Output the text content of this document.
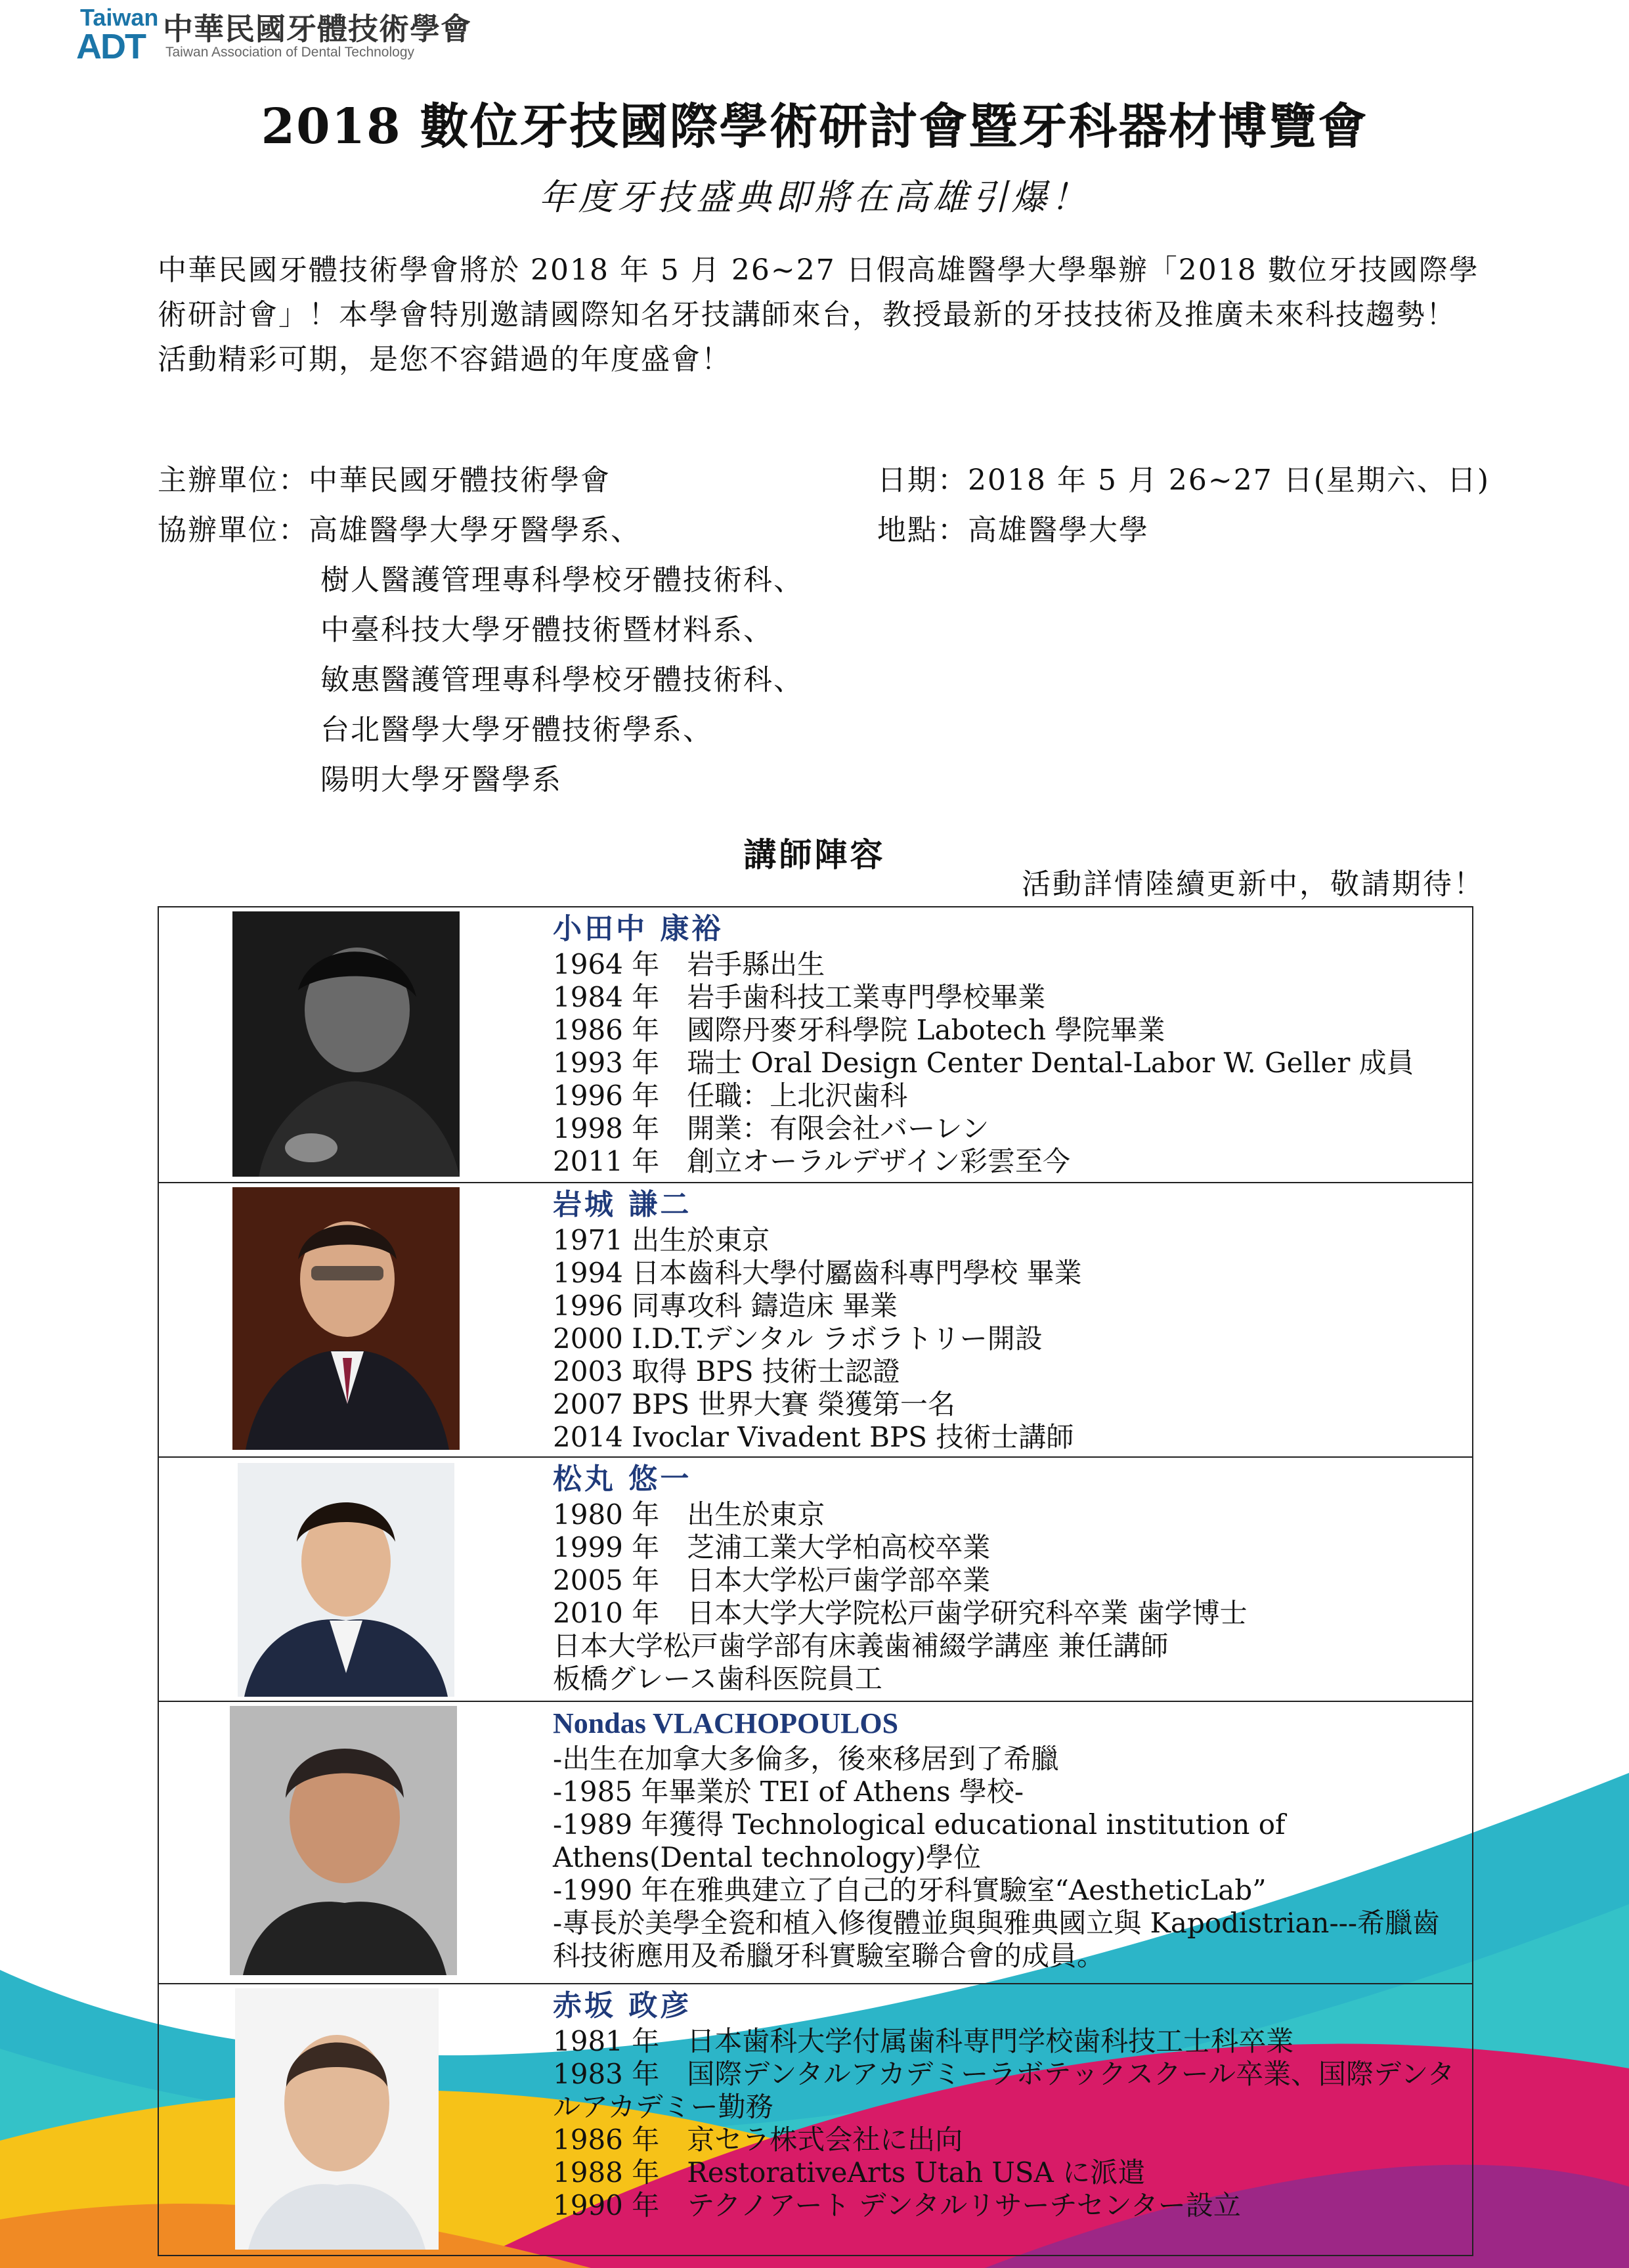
Taiwan
ADT 中華民國牙體技術學會
Taiwan Association of Dental Technology
2018 數位牙技國際學術研討會暨牙科器材博覽會
年度牙技盛典即將在高雄引爆！

中華民國牙體技術學會將於 2018 年 5 月 26~27 日假高雄醫學大學舉辦「2018 數位牙技國際學術研討會」！本學會特別邀請國際知名牙技講師來台，教授最新的牙技技術及推廣未來科技趨勢！活動精彩可期，是您不容錯過的年度盛會！

主辦單位：中華民國牙體技術學會
協辦單位：高雄醫學大學牙醫學系、
樹人醫護管理專科學校牙體技術科、
中臺科技大學牙體技術暨材料系、
敏惠醫護管理專科學校牙體技術科、
台北醫學大學牙體技術學系、
陽明大學牙醫學系
日期：2018 年 5 月 26~27 日(星期六、日)
地點：高雄醫學大學
講師陣容
活動詳情陸續更新中，敬請期待！
小田中 康裕
1964 年　岩手縣出生
1984 年　岩手歯科技工業専門學校畢業
1986 年　國際丹麥牙科學院 Labotech 學院畢業
1993 年　瑞士 Oral Design Center Dental-Labor W. Geller 成員
1996 年　任職：上北沢歯科
1998 年　開業：有限会社バーレン
2011 年　創立オーラルデザイン彩雲至今
岩城 謙二
1971 出生於東京
1994 日本齒科大學付屬齒科專門學校 畢業
1996 同專攻科 鑄造床 畢業
2000 I.D.T.デンタル ラボラトリー開設
2003 取得 BPS 技術士認證
2007 BPS 世界大賽 榮獲第一名
2014 Ivoclar Vivadent BPS 技術士講師
松丸 悠一
1980 年　出生於東京
1999 年　芝浦工業大学柏高校卒業
2005 年　日本大学松戸歯学部卒業
2010 年　日本大学大学院松戸歯学研究科卒業 歯学博士
日本大学松戸歯学部有床義歯補綴学講座 兼任講師
板橋グレース歯科医院員工
Nondas VLACHOPOULOS
-出生在加拿大多倫多，後來移居到了希臘
-1985 年畢業於 TEI of Athens 學校-
-1989 年獲得 Technological educational institution of Athens(Dental technology)學位
-1990 年在雅典建立了自己的牙科實驗室“AestheticLab”
-專長於美學全瓷和植入修復體並與與雅典國立與 Kapodistrian---希臘齒科技術應用及希臘牙科實驗室聯合會的成員。
赤坂 政彦
1981 年　日本歯科大学付属歯科専門学校歯科技工士科卒業
1983 年　国際デンタルアカデミーラボテックスクール卒業、国際デンタルアカデミー勤務
1986 年　京セラ株式会社に出向
1988 年　RestorativeArts Utah USA に派遣
1990 年　テクノアート デンタルリサーチセンター設立
